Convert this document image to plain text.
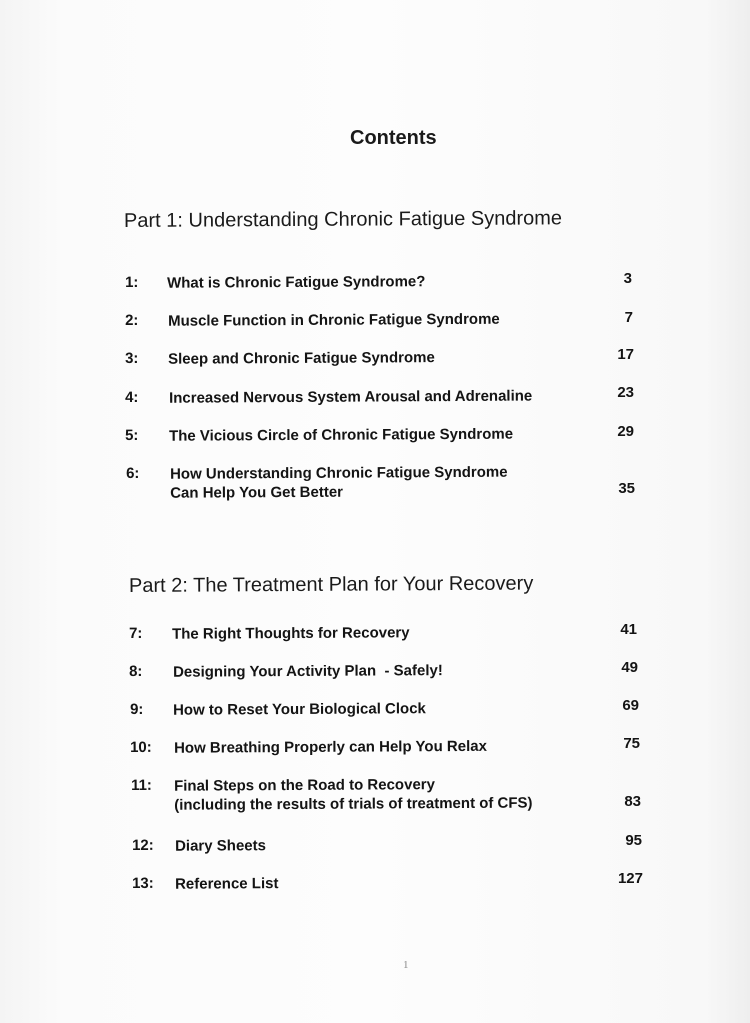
Contents
Part 1: Understanding Chronic Fatigue Syndrome
1: What is Chronic Fatigue Syndrome?	3
2: Muscle Function in Chronic Fatigue Syndrome	7
3: Sleep and Chronic Fatigue Syndrome	17
4: Increased Nervous System Arousal and Adrenaline	23
5: The Vicious Circle of Chronic Fatigue Syndrome	29
6: How Understanding Chronic Fatigue Syndrome
Can Help You Get Better	35
Part 2: The Treatment Plan for Your Recovery
7: The Right Thoughts for Recovery	41
8: Designing Your Activity Plan  - Safely!	49
9: How to Reset Your Biological Clock	69
10: How Breathing Properly can Help You Relax	75
11: Final Steps on the Road to Recovery
(including the results of trials of treatment of CFS)	83
12: Diary Sheets	95
13: Reference List	127
1
